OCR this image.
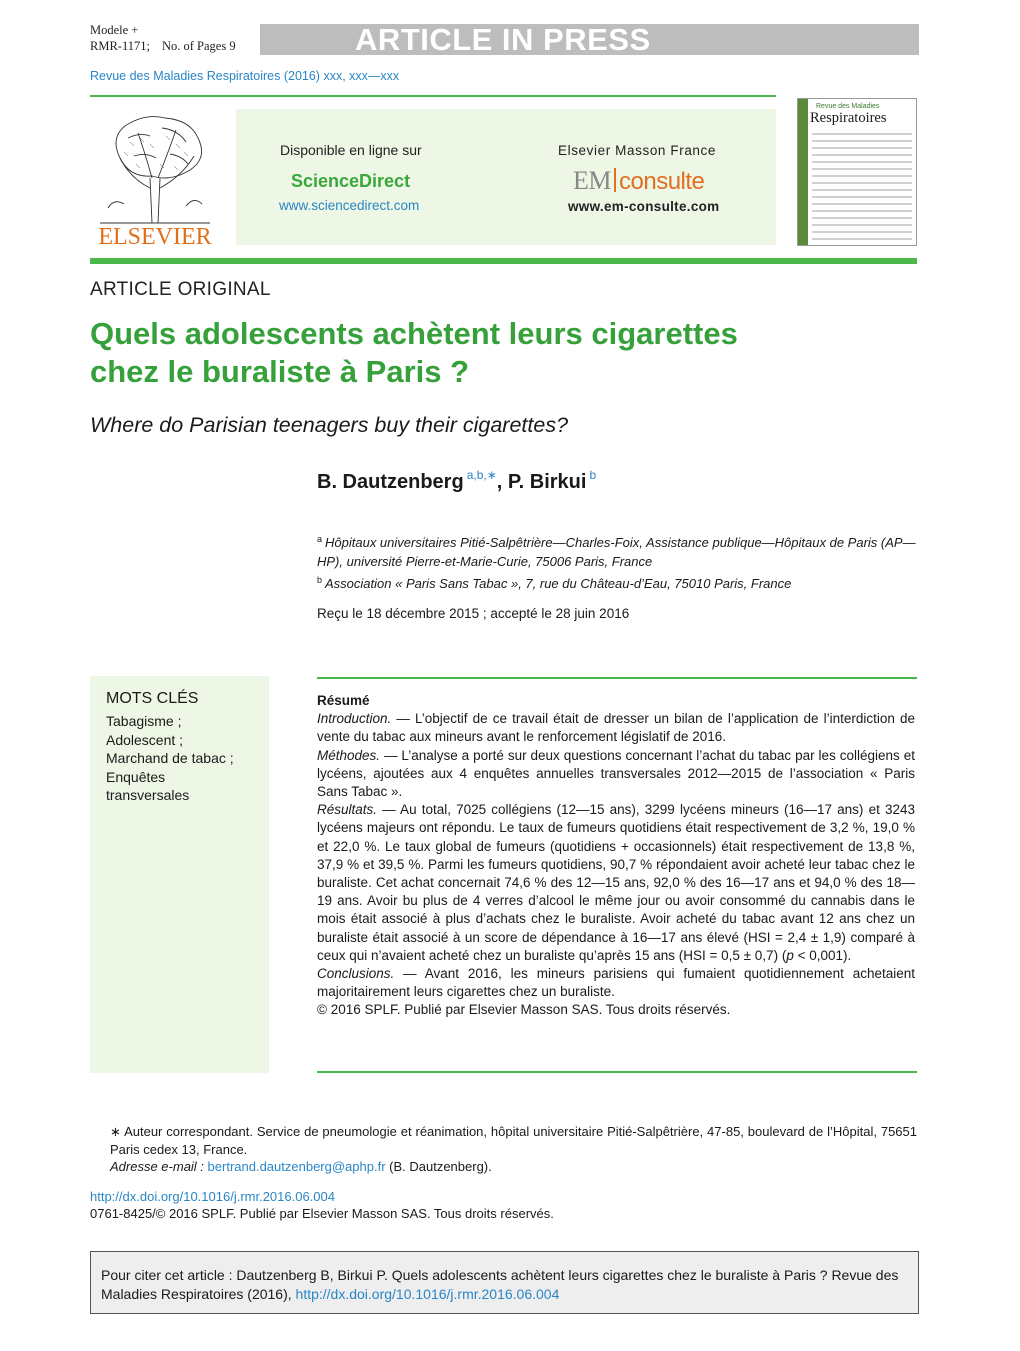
Modele +
RMR-1171; No. of Pages 9	ARTICLE IN PRESS
Revue des Maladies Respiratoires (2016) xxx, xxx—xxx
ELSEVIER
Disponible en ligne sur
ScienceDirect
www.sciencedirect.com
Elsevier Masson France
EM consulte
www.em-consulte.com
Revue des Maladies
Respiratoires
ARTICLE ORIGINAL
Quels adolescents achètent leurs cigarettes
chez le buraliste à Paris ?
Where do Parisian teenagers buy their cigarettes?
B. Dautzenberg $^{a,b,∗}$, P. Birkui $^b$
$^a$ Hôpitaux universitaires Pitié-Salpêtrière—Charles-Foix, Assistance publique—Hôpitaux de Paris (AP—HP), université Pierre-et-Marie-Curie, 75006 Paris, France
$^b$ Association « Paris Sans Tabac », 7, rue du Château-d’Eau, 75010 Paris, France
Reçu le 18 décembre 2015 ; accepté le 28 juin 2016
MOTS CLÉS
Tabagisme ;
Adolescent ;
Marchand de tabac ;
Enquêtes
transversales

Résumé

Introduction. — L’objectif de ce travail était de dresser un bilan de l’application de l’interdiction de vente du tabac aux mineurs avant le renforcement législatif de 2016.

Méthodes. — L’analyse a porté sur deux questions concernant l’achat du tabac par les collégiens et lycéens, ajoutées aux 4 enquêtes annuelles transversales 2012—2015 de l’association « Paris Sans Tabac ».

Résultats. — Au total, 7025 collégiens (12—15 ans), 3299 lycéens mineurs (16—17 ans) et 3243 lycéens majeurs ont répondu. Le taux de fumeurs quotidiens était respectivement de 3,2 %, 19,0 % et 22,0 %. Le taux global de fumeurs (quotidiens + occasionnels) était respectivement de 13,8 %, 37,9 % et 39,5 %. Parmi les fumeurs quotidiens, 90,7 % répondaient avoir acheté leur tabac chez le buraliste. Cet achat concernait 74,6 % des 12—15 ans, 92,0 % des 16—17 ans et 94,0 % des 18—19 ans. Avoir bu plus de 4 verres d’alcool le même jour ou avoir consommé du cannabis dans le mois était associé à plus d’achats chez le buraliste. Avoir acheté du tabac avant 12 ans chez un buraliste était associé à un score de dépendance à 16—17 ans élevé (HSI = 2,4 ± 1,9) comparé à ceux qui n’avaient acheté chez un buraliste qu’après 15 ans (HSI = 0,5 ± 0,7) (p < 0,001).

Conclusions. — Avant 2016, les mineurs parisiens qui fumaient quotidiennement achetaient majoritairement leurs cigarettes chez un buraliste.

© 2016 SPLF. Publié par Elsevier Masson SAS. Tous droits réservés.

∗ Auteur correspondant. Service de pneumologie et réanimation, hôpital universitaire Pitié-Salpêtrière, 47-85, boulevard de l’Hôpital, 75651 Paris cedex 13, France.
Adresse e-mail : bertrand.dautzenberg@aphp.fr (B. Dautzenberg).
http://dx.doi.org/10.1016/j.rmr.2016.06.004
0761-8425/© 2016 SPLF. Publié par Elsevier Masson SAS. Tous droits réservés.
Pour citer cet article : Dautzenberg B, Birkui P. Quels adolescents achètent leurs cigarettes chez le buraliste à Paris ? Revue des Maladies Respiratoires (2016), http://dx.doi.org/10.1016/j.rmr.2016.06.004
